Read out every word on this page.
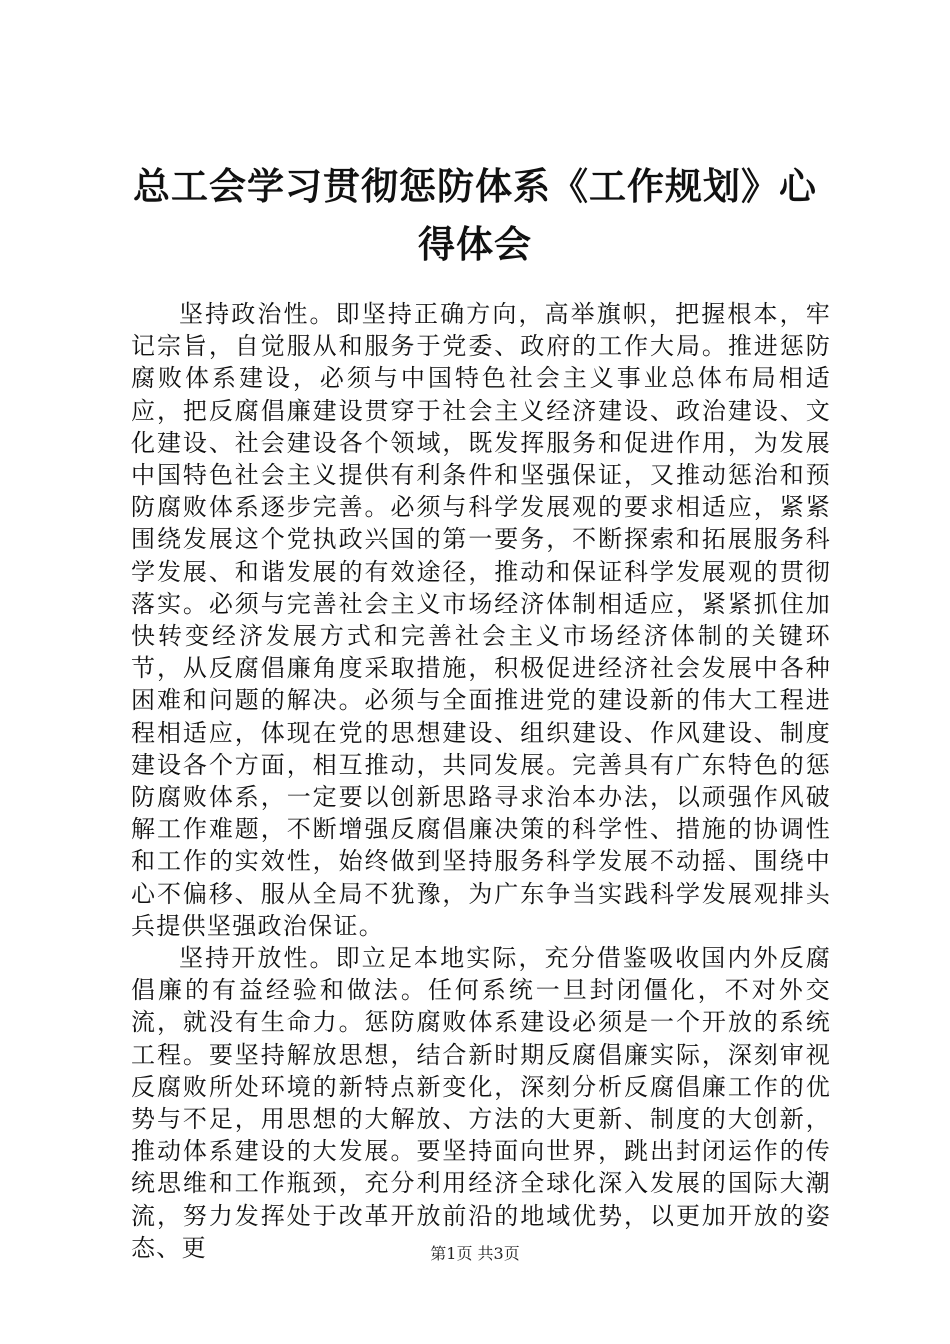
总工会学习贯彻惩防体系《工作规划》心得体会

坚持政治性。即坚持正确方向，高举旗帜，把握根本，牢记宗旨，自觉服从和服务于党委、政府的工作大局。推进惩防腐败体系建设，必须与中国特色社会主义事业总体布局相适应，把反腐倡廉建设贯穿于社会主义经济建设、政治建设、文化建设、社会建设各个领域，既发挥服务和促进作用，为发展中国特色社会主义提供有利条件和坚强保证，又推动惩治和预防腐败体系逐步完善。必须与科学发展观的要求相适应，紧紧围绕发展这个党执政兴国的第一要务，不断探索和拓展服务科学发展、和谐发展的有效途径，推动和保证科学发展观的贯彻落实。必须与完善社会主义市场经济体制相适应，紧紧抓住加快转变经济发展方式和完善社会主义市场经济体制的关键环节，从反腐倡廉角度采取措施，积极促进经济社会发展中各种困难和问题的解决。必须与全面推进党的建设新的伟大工程进程相适应，体现在党的思想建设、组织建设、作风建设、制度建设各个方面，相互推动，共同发展。完善具有广东特色的惩防腐败体系，一定要以创新思路寻求治本办法，以顽强作风破解工作难题，不断增强反腐倡廉决策的科学性、措施的协调性和工作的实效性，始终做到坚持服务科学发展不动摇、围绕中心不偏移、服从全局不犹豫，为广东争当实践科学发展观排头兵提供坚强政治保证。

坚持开放性。即立足本地实际，充分借鉴吸收国内外反腐倡廉的有益经验和做法。任何系统一旦封闭僵化，不对外交流，就没有生命力。惩防腐败体系建设必须是一个开放的系统工程。要坚持解放思想，结合新时期反腐倡廉实际，深刻审视反腐败所处环境的新特点新变化，深刻分析反腐倡廉工作的优势与不足，用思想的大解放、方法的大更新、制度的大创新，推动体系建设的大发展。要坚持面向世界，跳出封闭运作的传统思维和工作瓶颈，充分利用经济全球化深入发展的国际大潮流，努力发挥处于改革开放前沿的地域优势，以更加开放的姿态、更	第1页 共3页
